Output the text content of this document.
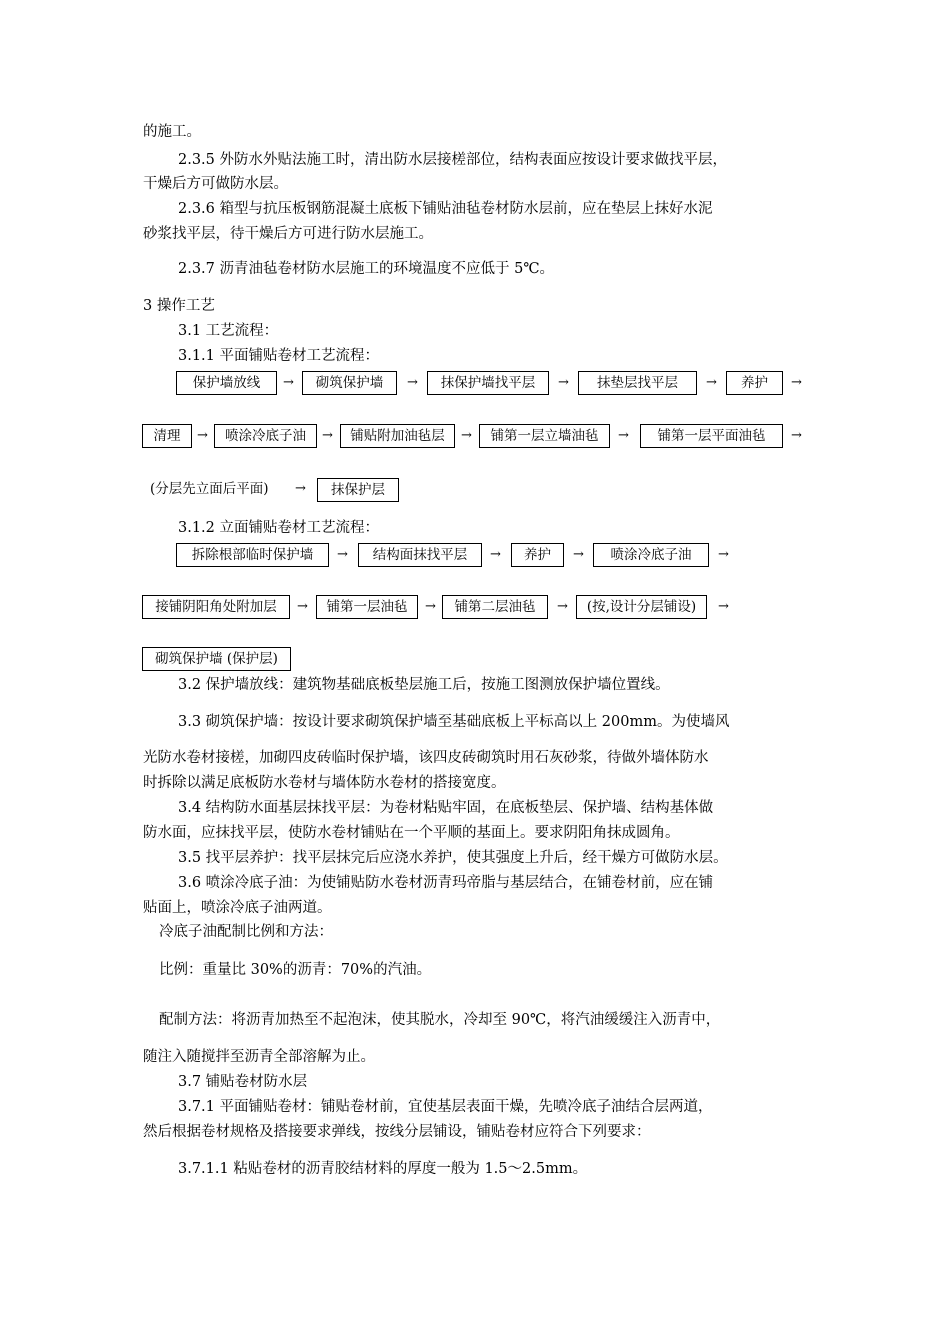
的施工。
2.3.5 外防水外贴法施工时，清出防水层接槎部位，结构表面应按设计要求做找平层，
干燥后方可做防水层。
2.3.6 箱型与抗压板钢筋混凝土底板下铺贴油毡卷材防水层前，应在垫层上抹好水泥
砂浆找平层，待干燥后方可进行防水层施工。
2.3.7 沥青油毡卷材防水层施工的环境温度不应低于 5℃。
3 操作工艺
3.1 工艺流程：
3.1.1 平面铺贴卷材工艺流程：
保护墙放线	→	砌筑保护墙	→	抹保护墙找平层	→	抹垫层找平层	→	养护	→
清理	→	喷涂冷底子油	→	铺贴附加油毡层	→	铺第一层立墙油毡	→	铺第一层平面油毡	→
(分层先立面后平面) →	抹保护层
3.1.2 立面铺贴卷材工艺流程：
拆除根部临时保护墙	→	结构面抹找平层	→	养护	→	喷涂冷底子油	→
接铺阴阳角处附加层	→	铺第一层油毡	→	铺第二层油毡	→	(按,设计分层铺设)	→
砌筑保护墙 (保护层)
3.2 保护墙放线：建筑物基础底板垫层施工后，按施工图测放保护墙位置线。
3.3 砌筑保护墙：按设计要求砌筑保护墙至基础底板上平标高以上 200mm。为使墙风
光防水卷材接槎，加砌四皮砖临时保护墙，该四皮砖砌筑时用石灰砂浆，待做外墙体防水
时拆除以满足底板防水卷材与墙体防水卷材的搭接宽度。
3.4 结构防水面基层抹找平层：为卷材粘贴牢固，在底板垫层、保护墙、结构基体做
防水面，应抹找平层，使防水卷材铺贴在一个平顺的基面上。要求阴阳角抹成圆角。
3.5 找平层养护：找平层抹完后应浇水养护，使其强度上升后，经干燥方可做防水层。
3.6 喷涂冷底子油：为使铺贴防水卷材沥青玛帝脂与基层结合，在铺卷材前，应在铺
贴面上，喷涂冷底子油两道。
冷底子油配制比例和方法：
比例：重量比 30%的沥青：70%的汽油。
配制方法：将沥青加热至不起泡沫，使其脱水，冷却至 90℃，将汽油缓缓注入沥青中，
随注入随搅拌至沥青全部溶解为止。
3.7 铺贴卷材防水层
3.7.1 平面铺贴卷材：铺贴卷材前，宜使基层表面干燥，先喷冷底子油结合层两道，
然后根据卷材规格及搭接要求弹线，按线分层铺设，铺贴卷材应符合下列要求：
3.7.1.1 粘贴卷材的沥青胶结材料的厚度一般为 1.5～2.5mm。
